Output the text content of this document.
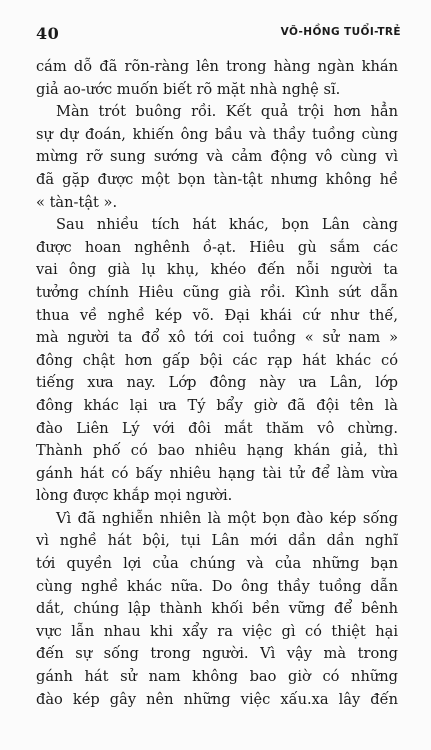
40	VÕ-HỒNG TUỔI-TRẺ
cám dỗ đã rõn-ràng lên trong hàng ngàn khán
giả ao-ước muốn biết rõ mặt nhà nghệ sĩ.
Màn trót buông rồi. Kết quả trội hơn hẳn
sự dự đoán, khiến ông bầu và thầy tuồng cùng
mừng rỡ sung sướng và cảm động vô cùng vì
đã gặp được một bọn tàn-tật nhưng không hề
« tàn-tật ».
Sau nhiều tích hát khác, bọn Lân càng
được hoan nghênh ồ-ạt. Hiêu gù sắm các
vai ông già lụ khụ, khéo đến nỗi người ta
tưởng chính Hiêu cũng già rồi. Kình sứt dẫn
thua về nghề kép võ. Đại khái cứ như thế,
mà người ta đổ xô tới coi tuồng « sử nam »
đông chật hơn gấp bội các rạp hát khác có
tiếng xưa nay. Lớp đông này ưa Lân, lớp
đông khác lại ưa Tý bẩy giờ đã đội tên là
đào Liên Lý với đôi mắt thăm vô chừng.
Thành phố có bao nhiêu hạng khán giả, thì
gánh hát có bấy nhiêu hạng tài tử để làm vừa
lòng được khắp mọi người.
Vì đã nghiễn nhiên là một bọn đào kép sống
vì nghề hát bội, tụi Lân mới dần dần nghĩ
tới quyền lợi của chúng và của những bạn
cùng nghề khác nữa. Do ông thầy tuồng dẫn
dắt, chúng lập thành khối bền vững để bênh
vực lẫn nhau khi xẩy ra việc gì có thiệt hại
đến sự sống trong người. Vì vậy mà trong
gánh hát sử nam không bao giờ có những
đào kép gây nên những việc xấu.xa lây đến
